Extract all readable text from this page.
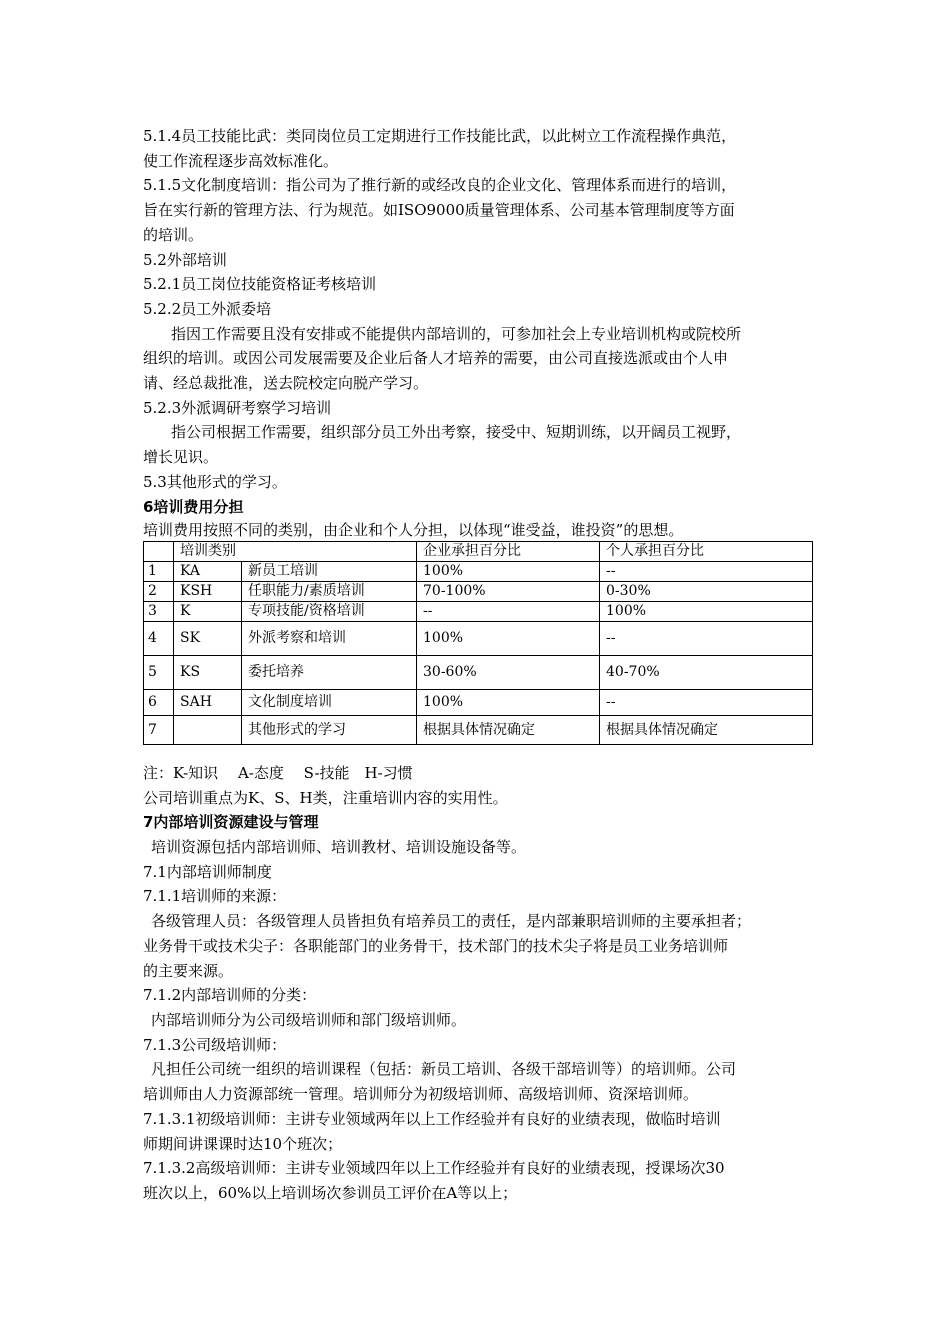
5.1.4员工技能比武：类同岗位员工定期进行工作技能比武，以此树立工作流程操作典范，
使工作流程逐步高效标准化。
5.1.5文化制度培训：指公司为了推行新的或经改良的企业文化、管理体系而进行的培训，
旨在实行新的管理方法、行为规范。如ISO9000质量管理体系、公司基本管理制度等方面
的培训。
5.2外部培训
5.2.1员工岗位技能资格证考核培训
5.2.2员工外派委培
指因工作需要且没有安排或不能提供内部培训的，可参加社会上专业培训机构或院校所
组织的培训。或因公司发展需要及企业后备人才培养的需要，由公司直接选派或由个人申
请、经总裁批准，送去院校定向脱产学习。
5.2.3外派调研考察学习培训
指公司根据工作需要，组织部分员工外出考察，接受中、短期训练，以开阔员工视野，
增长见识。
5.3其他形式的学习。
6培训费用分担
培训费用按照不同的类别，由企业和个人分担，以体现“谁受益，谁投资”的思想。
	培训类别		企业承担百分比	个人承担百分比
1	KA	新员工培训	100%	--
2	KSH	任职能力/素质培训	70-100%	0-30%
3	K	专项技能/资格培训	--	100%
4	SK	外派考察和培训	100%	--
5	KS	委托培养	30-60%	40-70%
6	SAH	文化制度培训	100%	--
7		其他形式的学习	根据具体情况确定	根据具体情况确定
注：K-知识　 A-态度　 S-技能　H-习惯
公司培训重点为K、S、H类，注重培训内容的实用性。
7内部培训资源建设与管理
培训资源包括内部培训师、培训教材、培训设施设备等。
7.1内部培训师制度
7.1.1培训师的来源：
各级管理人员：各级管理人员皆担负有培养员工的责任，是内部兼职培训师的主要承担者；
业务骨干或技术尖子：各职能部门的业务骨干，技术部门的技术尖子将是员工业务培训师
的主要来源。
7.1.2内部培训师的分类：
内部培训师分为公司级培训师和部门级培训师。
7.1.3公司级培训师：
凡担任公司统一组织的培训课程（包括：新员工培训、各级干部培训等）的培训师。公司
培训师由人力资源部统一管理。培训师分为初级培训师、高级培训师、资深培训师。
7.1.3.1初级培训师：主讲专业领域两年以上工作经验并有良好的业绩表现，做临时培训
师期间讲课课时达10个班次；
7.1.3.2高级培训师：主讲专业领域四年以上工作经验并有良好的业绩表现，授课场次30
班次以上，60%以上培训场次参训员工评价在A等以上；
